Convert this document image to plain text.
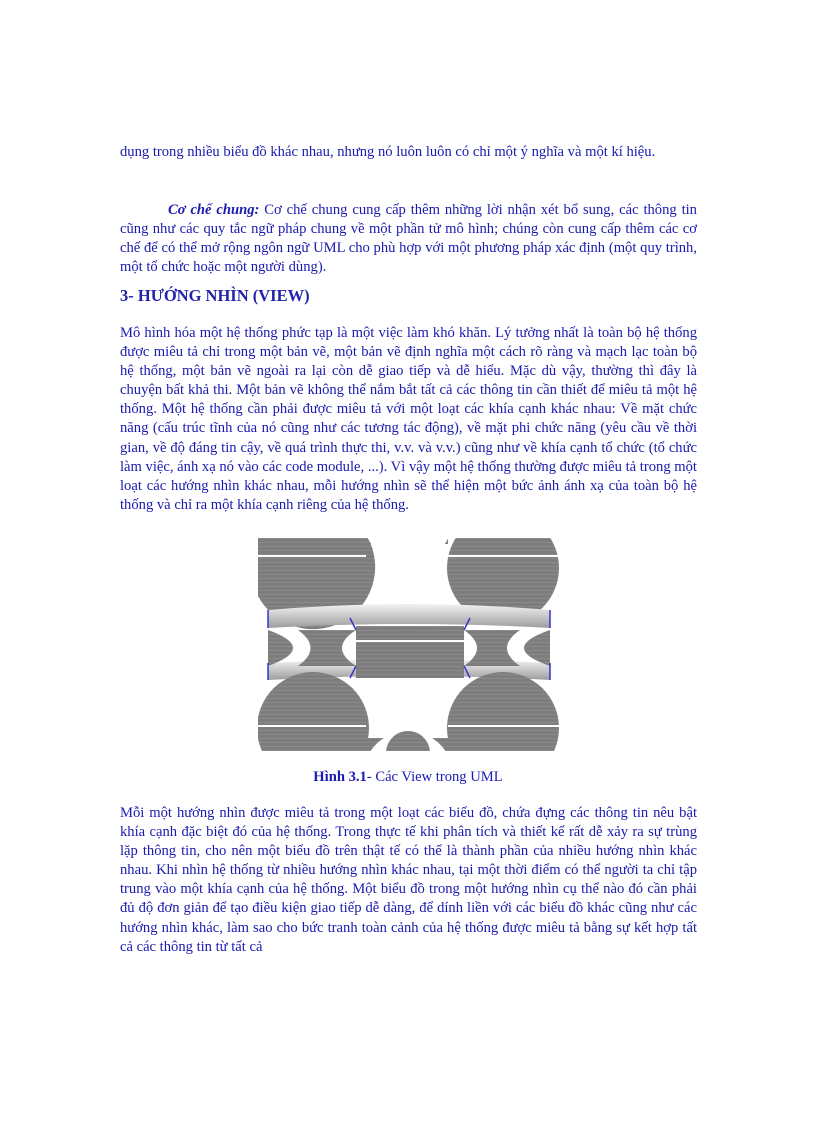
dụng trong nhiều biểu đồ khác nhau, nhưng nó luôn luôn có chỉ một ý nghĩa và một kí hiệu.

Cơ chế chung: Cơ chế chung cung cấp thêm những lời nhận xét bổ sung, các thông tin cũng như các quy tắc ngữ pháp chung về một phần tử mô hình; chúng còn cung cấp thêm các cơ chế để có thể mở rộng ngôn ngữ UML cho phù hợp với một phương pháp xác định (một quy trình, một tổ chức hoặc một người dùng).

3- HƯỚNG NHÌN (VIEW)

Mô hình hóa một hệ thống phức tạp là một việc làm khó khăn. Lý tưởng nhất là toàn bộ hệ thống được miêu tả chỉ trong một bản vẽ, một bản vẽ định nghĩa một cách rõ ràng và mạch lạc toàn bộ hệ thống, một bản vẽ ngoài ra lại còn dễ giao tiếp và dễ hiểu. Mặc dù vậy, thường thì đây là chuyện bất khả thi. Một bản vẽ không thể nắm bắt tất cả các thông tin cần thiết để miêu tả một hệ thống. Một hệ thống cần phải được miêu tả với một loạt các khía cạnh khác nhau: Về mặt chức năng (cấu trúc tĩnh của nó cũng như các tương tác động), về mặt phi chức năng (yêu cầu về thời gian, về độ đáng tin cậy, về quá trình thực thi, v.v. và v.v.) cũng như về khía cạnh tổ chức (tổ chức làm việc, ánh xạ nó vào các code module, ...). Vì vậy một hệ thống thường được miêu tả trong một loạt các hướng nhìn khác nhau, mỗi hướng nhìn sẽ thể hiện một bức ảnh ánh xạ của toàn bộ hệ thống và chỉ ra một khía cạnh riêng của hệ thống.

Hình 3.1- Các View trong UML

Mỗi một hướng nhìn được miêu tả trong một loạt các biểu đồ, chứa đựng các thông tin nêu bật khía cạnh đặc biệt đó của hệ thống. Trong thực tế khi phân tích và thiết kế rất dễ xảy ra sự trùng lặp thông tin, cho nên một biểu đồ trên thật tế có thể là thành phần của nhiều hướng nhìn khác nhau. Khi nhìn hệ thống từ nhiều hướng nhìn khác nhau, tại một thời điểm có thể người ta chỉ tập trung vào một khía cạnh của hệ thống. Một biểu đồ trong một hướng nhìn cụ thể nào đó cần phải đủ độ đơn giản để tạo điều kiện giao tiếp dễ dàng, để dính liền với các biểu đồ khác cũng như các hướng nhìn khác, làm sao cho bức tranh toàn cảnh của hệ thống được miêu tả bằng sự kết hợp tất cả các thông tin từ tất cả
